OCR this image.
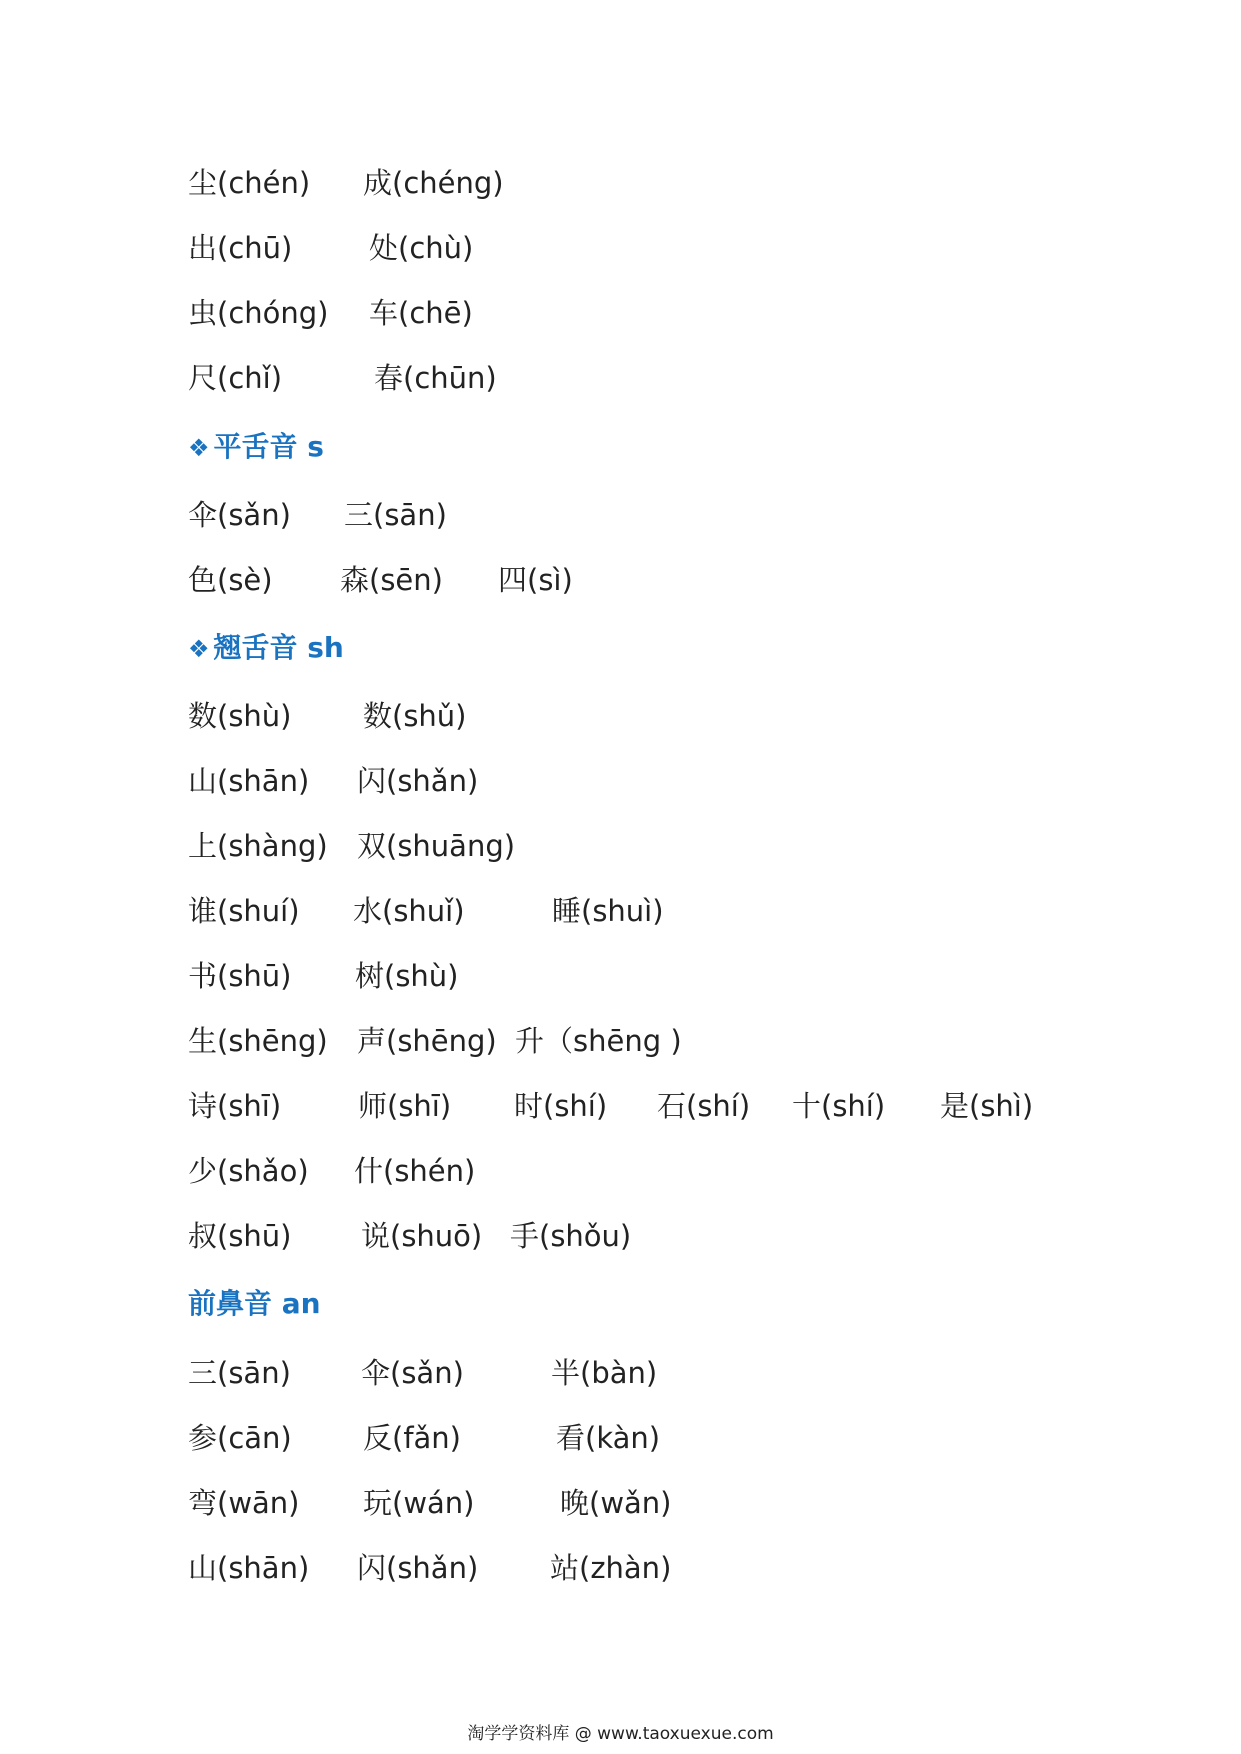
尘(chén) 成(chéng)
出(chū)	处(chù)
虫(chóng) 车(chē)
尺(chǐ)	春(chūn)
❖ 平舌音 s
伞(sǎn) 三(sān)
色(sè) 森(sēn) 四(sì)
❖ 翘舌音 sh
数(shù) 数(shǔ)
山(shān) 闪(shǎn)
上(shàng) 双(shuāng)
谁(shuí) 水(shuǐ)	睡(shuì)
书(shū) 树(shù)
生(shēng) 声(shēng) 升（shēng )
诗(shī)	师(shī) 时(shí) 石(shí) 十(shí) 是(shì)
少(shǎo) 什(shén)
叔(shū) 说(shuō) 手(shǒu)
前鼻音 an
三(sān) 伞(sǎn)	半(bàn)
参(cān) 反(fǎn)	看(kàn)
弯(wān) 玩(wán)	晚(wǎn)
山(shān) 闪(shǎn) 站(zhàn)
淘学学资料库 @ www.taoxuexue.com
